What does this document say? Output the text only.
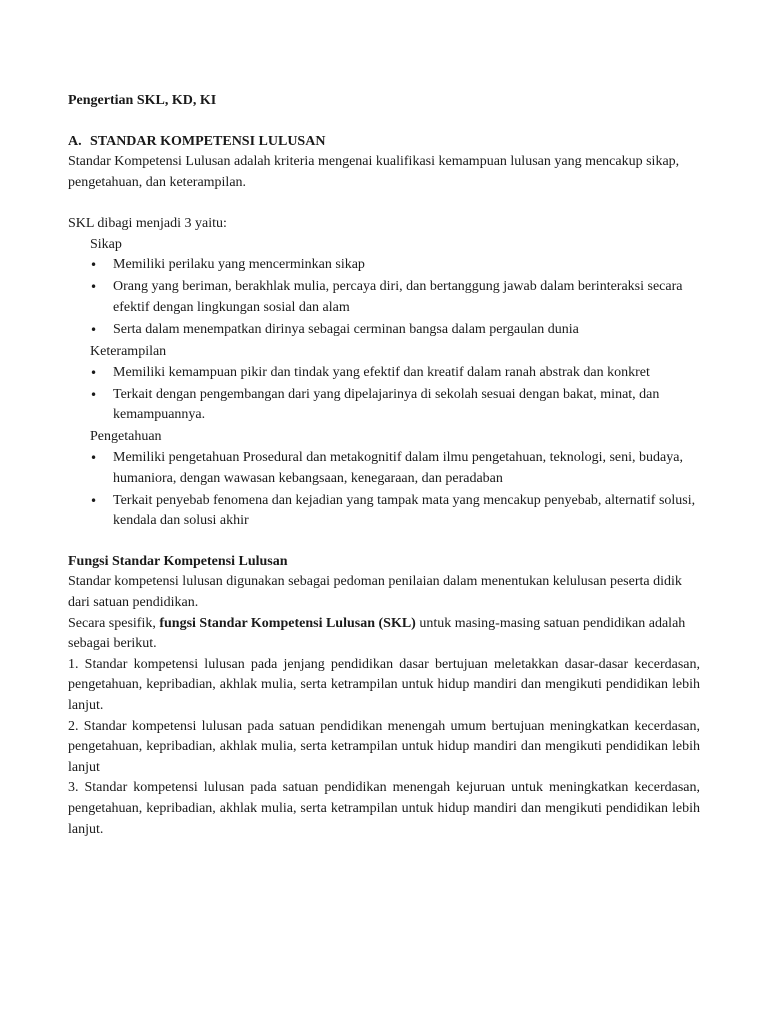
Pengertian SKL, KD, KI

A. STANDAR KOMPETENSI LULUSAN

Standar Kompetensi Lulusan adalah kriteria mengenai kualifikasi kemampuan lulusan yang mencakup sikap, pengetahuan, dan keterampilan.

SKL dibagi menjadi 3 yaitu:

Sikap

• Memiliki perilaku yang mencerminkan sikap
• Orang yang beriman, berakhlak mulia, percaya diri, dan bertanggung jawab dalam berinteraksi secara efektif dengan lingkungan sosial dan alam
• Serta dalam menempatkan dirinya sebagai cerminan bangsa dalam pergaulan dunia

Keterampilan

• Memiliki kemampuan pikir dan tindak yang efektif dan kreatif dalam ranah abstrak dan konkret
• Terkait dengan pengembangan dari yang dipelajarinya di sekolah sesuai dengan bakat, minat, dan kemampuannya.

Pengetahuan

• Memiliki pengetahuan Prosedural dan metakognitif dalam ilmu pengetahuan, teknologi, seni, budaya, humaniora, dengan wawasan kebangsaan, kenegaraan, dan peradaban
• Terkait penyebab fenomena dan kejadian yang tampak mata yang mencakup penyebab, alternatif solusi, kendala dan solusi akhir

Fungsi Standar Kompetensi Lulusan

Standar kompetensi lulusan digunakan sebagai pedoman penilaian dalam menentukan kelulusan peserta didik dari satuan pendidikan.

Secara spesifik, fungsi Standar Kompetensi Lulusan (SKL) untuk masing-masing satuan pendidikan adalah sebagai berikut.

1. Standar kompetensi lulusan pada jenjang pendidikan dasar bertujuan meletakkan dasar-dasar kecerdasan, pengetahuan, kepribadian, akhlak mulia, serta ketrampilan untuk hidup mandiri dan mengikuti pendidikan lebih lanjut.

2. Standar kompetensi lulusan pada satuan pendidikan menengah umum bertujuan meningkatkan kecerdasan, pengetahuan, kepribadian, akhlak mulia, serta ketrampilan untuk hidup mandiri dan mengikuti pendidikan lebih lanjut

3. Standar kompetensi lulusan pada satuan pendidikan menengah kejuruan untuk meningkatkan kecerdasan, pengetahuan, kepribadian, akhlak mulia, serta ketrampilan untuk hidup mandiri dan mengikuti pendidikan lebih lanjut.
